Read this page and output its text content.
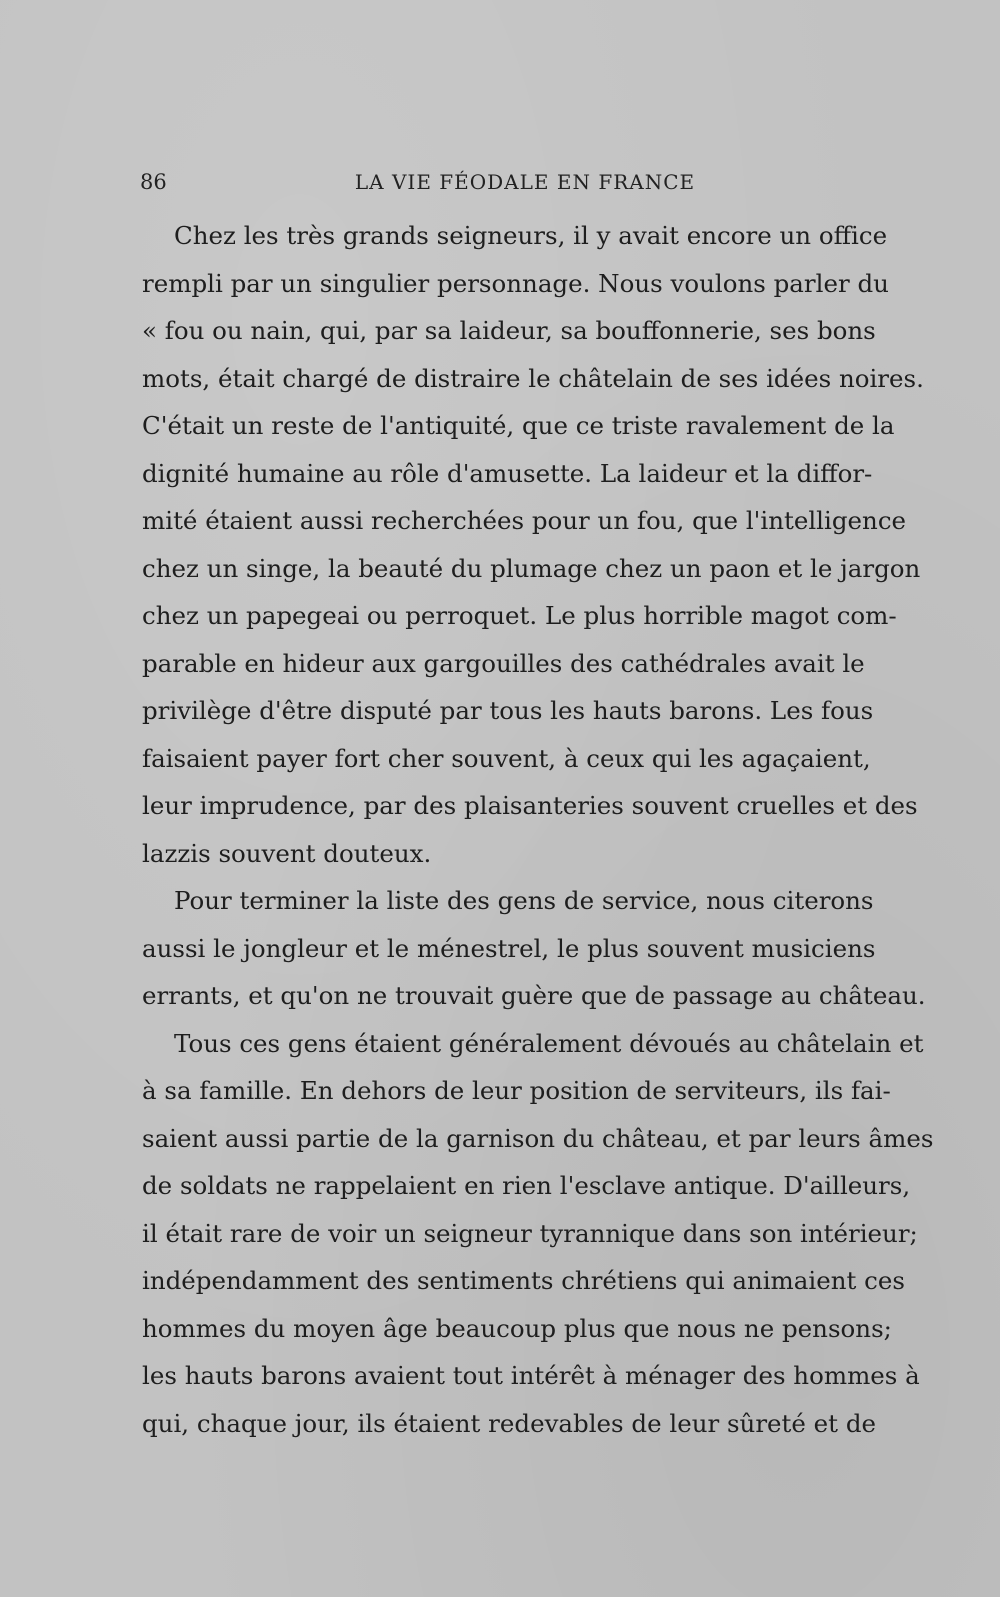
86	LA VIE FÉODALE EN FRANCE
Chez les très grands seigneurs, il y avait encore un office
rempli par un singulier personnage. Nous voulons parler du
« fou ou nain, qui, par sa laideur, sa bouffonnerie, ses bons
mots, était chargé de distraire le châtelain de ses idées noires.
C'était un reste de l'antiquité, que ce triste ravalement de la
dignité humaine au rôle d'amusette. La laideur et la diffor-
mité étaient aussi recherchées pour un fou, que l'intelligence
chez un singe, la beauté du plumage chez un paon et le jargon
chez un papegeai ou perroquet. Le plus horrible magot com-
parable en hideur aux gargouilles des cathédrales avait le
privilège d'être disputé par tous les hauts barons. Les fous
faisaient payer fort cher souvent, à ceux qui les agaçaient,
leur imprudence, par des plaisanteries souvent cruelles et des
lazzis souvent douteux.
Pour terminer la liste des gens de service, nous citerons
aussi le jongleur et le ménestrel, le plus souvent musiciens
errants, et qu'on ne trouvait guère que de passage au château.
Tous ces gens étaient généralement dévoués au châtelain et
à sa famille. En dehors de leur position de serviteurs, ils fai-
saient aussi partie de la garnison du château, et par leurs âmes
de soldats ne rappelaient en rien l'esclave antique. D'ailleurs,
il était rare de voir un seigneur tyrannique dans son intérieur;
indépendamment des sentiments chrétiens qui animaient ces
hommes du moyen âge beaucoup plus que nous ne pensons;
les hauts barons avaient tout intérêt à ménager des hommes à
qui, chaque jour, ils étaient redevables de leur sûreté et de
